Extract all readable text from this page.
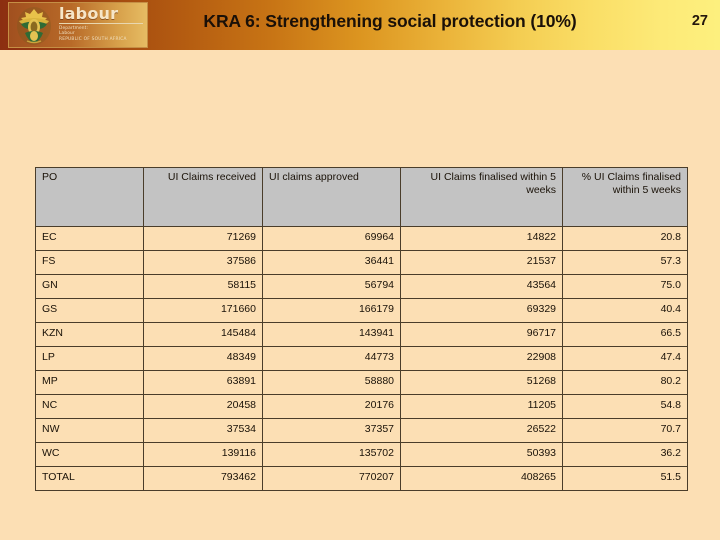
labour
Department:
Labour
REPUBLIC OF SOUTH AFRICA
KRA 6: Strengthening social protection (10%)	27
PO	UI Claims received	UI claims approved	UI Claims finalised within 5 weeks	% UI Claims finalised within 5 weeks
EC	71269	69964	14822	20.8
FS	37586	36441	21537	57.3
GN	58115	56794	43564	75.0
GS	171660	166179	69329	40.4
KZN	145484	143941	96717	66.5
LP	48349	44773	22908	47.4
MP	63891	58880	51268	80.2
NC	20458	20176	11205	54.8
NW	37534	37357	26522	70.7
WC	139116	135702	50393	36.2
TOTAL	793462	770207	408265	51.5
